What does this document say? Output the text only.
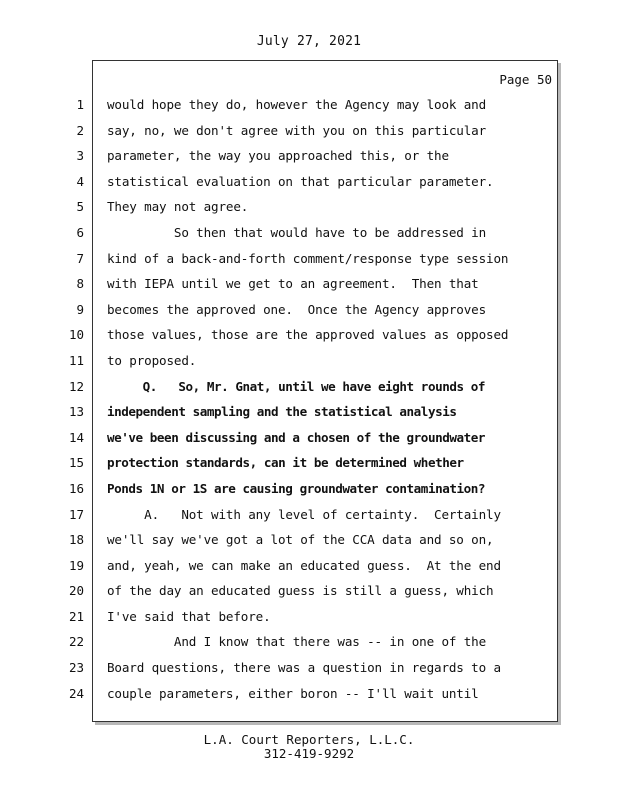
July 27, 2021
Page 50
1
2
3
4
5
6
7
8
9
10
11
12
13
14
15
16
17
18
19
20
21
22
23
24
would hope they do, however the Agency may look and
say, no, we don't agree with you on this particular
parameter, the way you approached this, or the
statistical evaluation on that particular parameter.
They may not agree.
So then that would have to be addressed in
kind of a back-and-forth comment/response type session
with IEPA until we get to an agreement.  Then that
becomes the approved one.  Once the Agency approves
those values, those are the approved values as opposed
to proposed.
Q.   So, Mr. Gnat, until we have eight rounds of
independent sampling and the statistical analysis
we've been discussing and a chosen of the groundwater
protection standards, can it be determined whether
Ponds 1N or 1S are causing groundwater contamination?
A.   Not with any level of certainty.  Certainly
we'll say we've got a lot of the CCA data and so on,
and, yeah, we can make an educated guess.  At the end
of the day an educated guess is still a guess, which
I've said that before.
And I know that there was -- in one of the
Board questions, there was a question in regards to a
couple parameters, either boron -- I'll wait until
L.A. Court Reporters, L.L.C.
312-419-9292
